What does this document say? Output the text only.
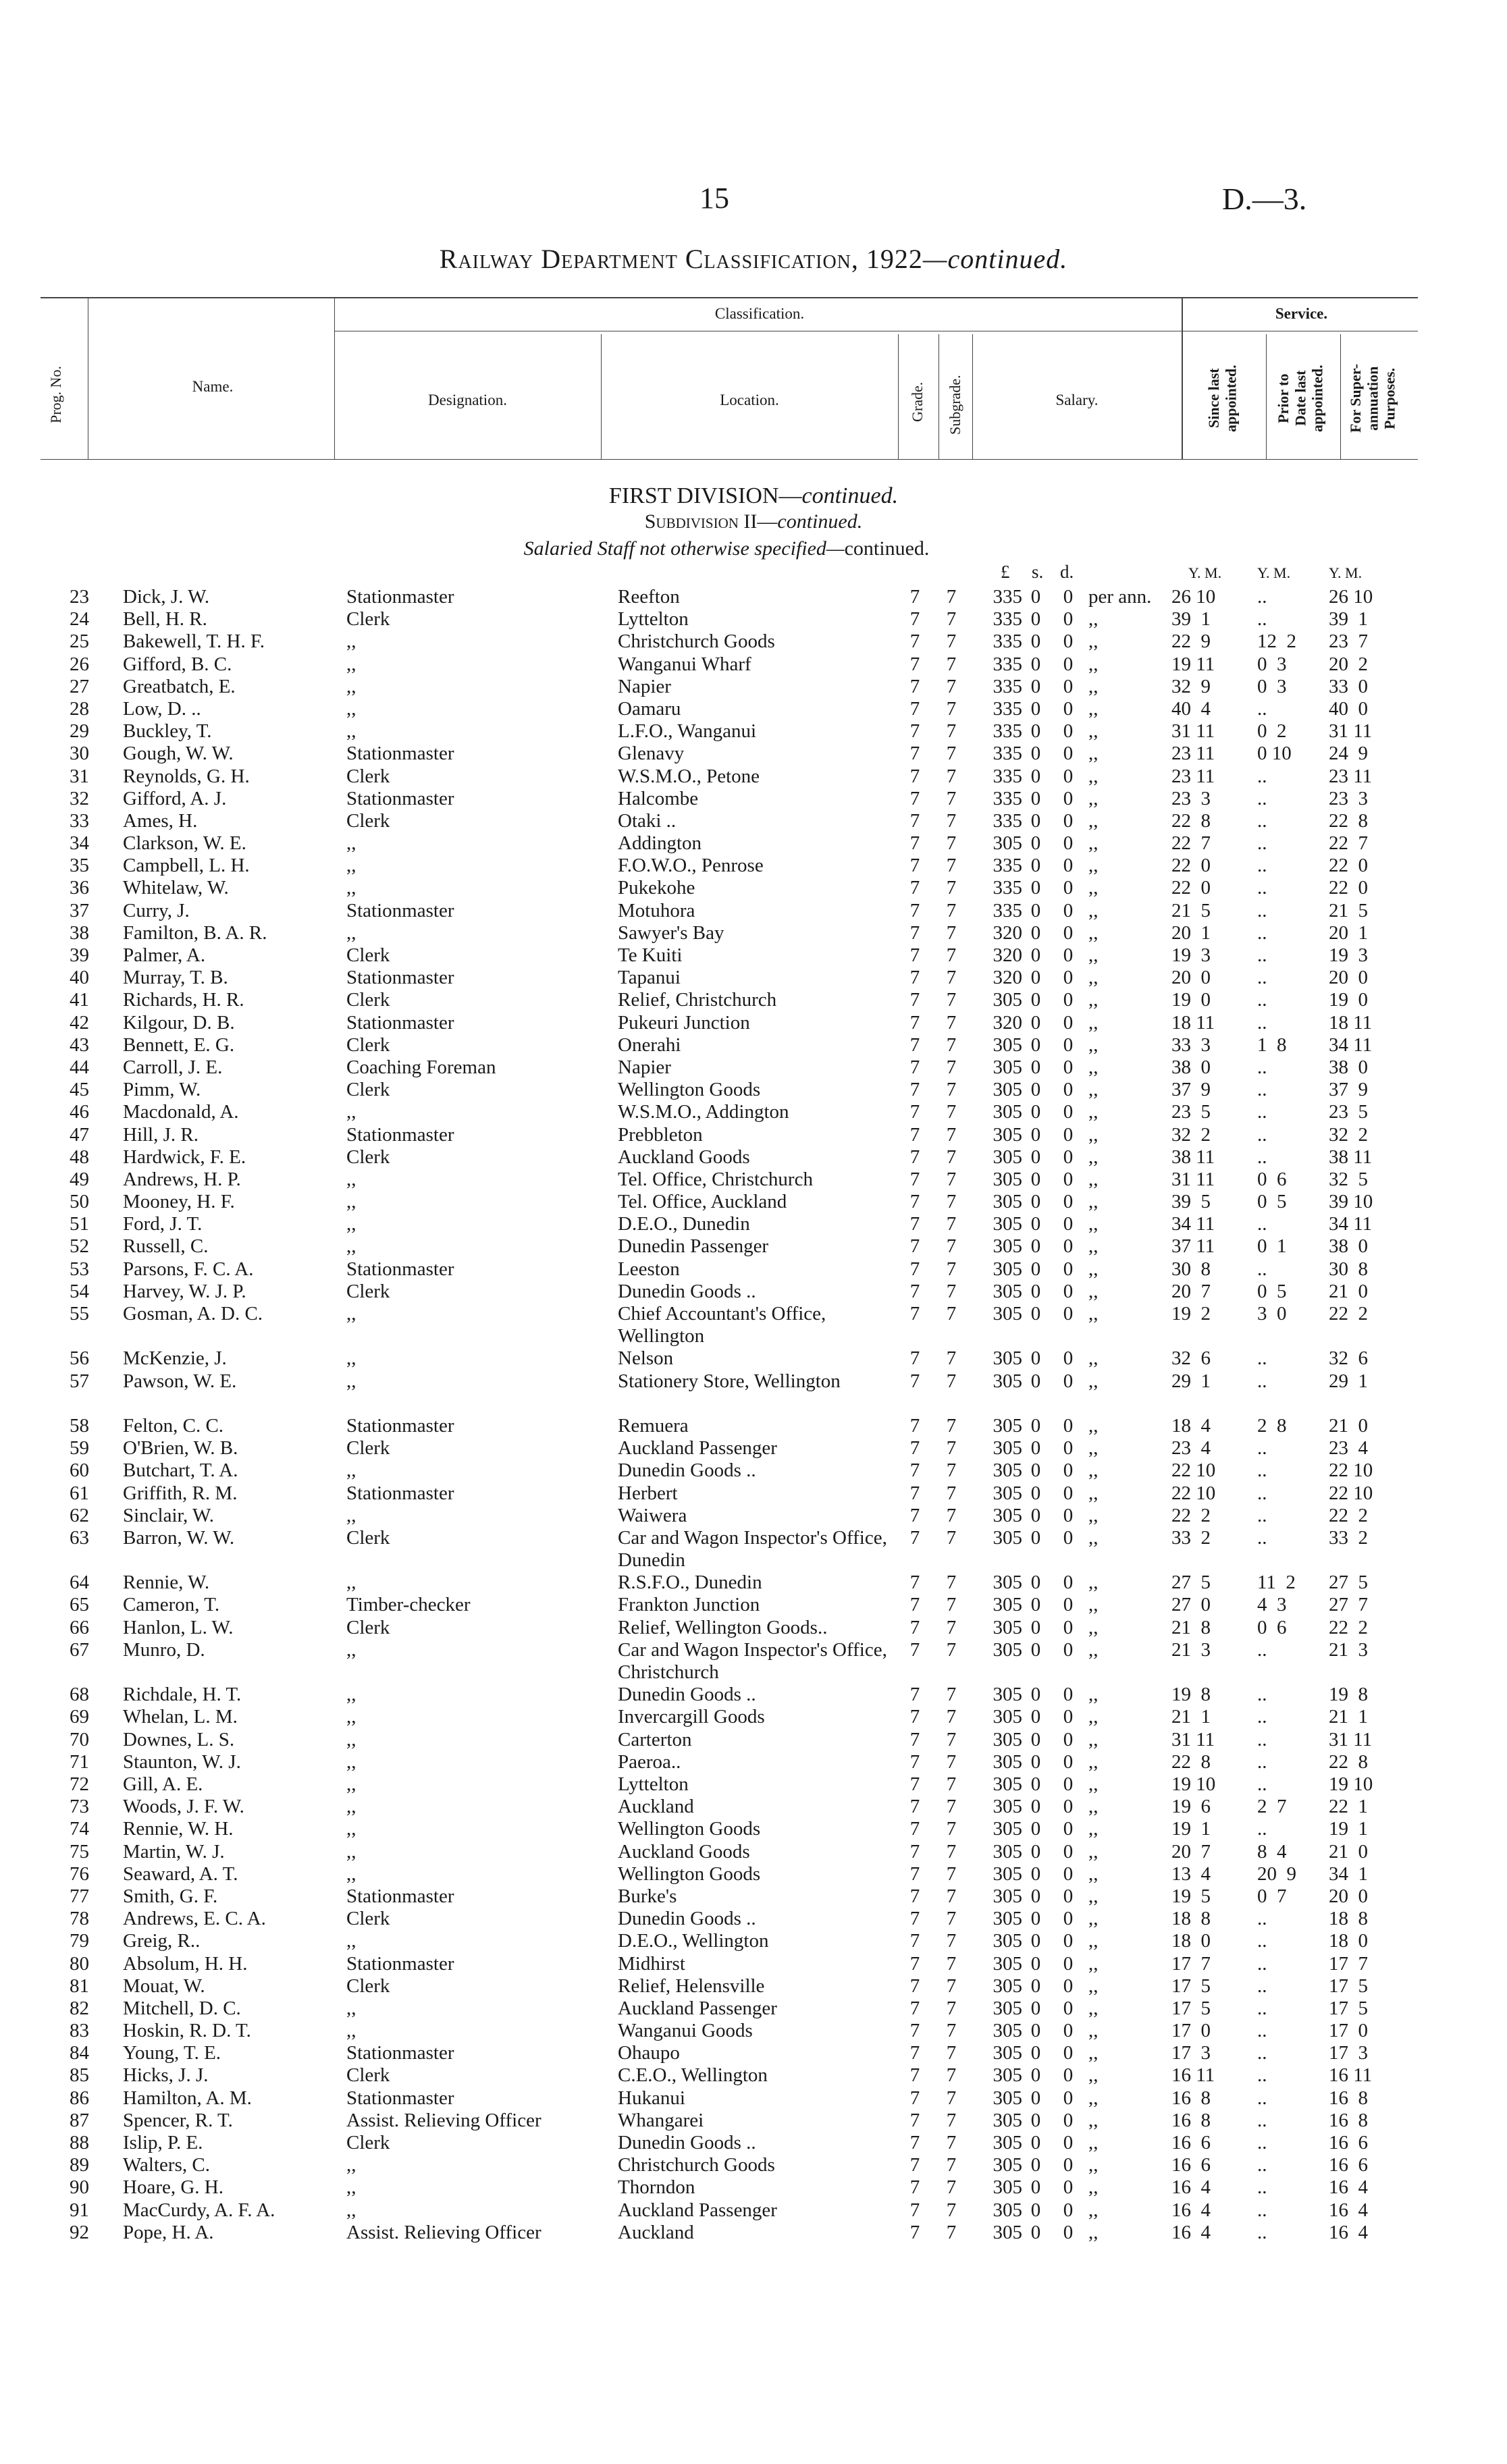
15	D.—3.
Railway Department Classification, 1922—continued.
Prog. No.	Name.
Classification.
Designation.	Location.	Grade. Subgrade.	Salary.
Service.
Since last
appointed. Prior to
Date last
appointed. For Super-
annuation
Purposes.
FIRST DIVISION—continued.
Subdivision II—continued.
Salaried Staff not otherwise specified—continued.
£ s. d.	Y. M. Y. M.	Y. M.
23 Dick, J. W.	Stationmaster	Reefton	7 7	335 0	0 per ann. 26 10	..	26 10
24 Bell, H. R.	Clerk	Lyttelton	7 7	335 0	0 ,,	39  1	..	39  1
25 Bakewell, T. H. F.	,,	Christchurch Goods	7 7	335 0	0 ,,	22  9	12  2	23  7
26 Gifford, B. C.	,,	Wanganui Wharf	7 7	335 0	0 ,,	19 11	0  3	20  2
27 Greatbatch, E.	,,	Napier	7 7	335 0	0 ,,	32  9	0  3	33  0
28 Low, D. ..	,,	Oamaru	7 7	335 0	0 ,,	40  4	..	40  0
29 Buckley, T.	,,	L.F.O., Wanganui	7 7	335 0	0 ,,	31 11	0  2	31 11
30 Gough, W. W.	Stationmaster	Glenavy	7 7	335 0	0 ,,	23 11	0 10	24  9
31 Reynolds, G. H.	Clerk	W.S.M.O., Petone	7 7	335 0	0 ,,	23 11	..	23 11
32 Gifford, A. J.	Stationmaster	Halcombe	7 7	335 0	0 ,,	23  3	..	23  3
33 Ames, H.	Clerk	Otaki ..	7 7	335 0	0 ,,	22  8	..	22  8
34 Clarkson, W. E.	,,	Addington	7 7	305 0	0 ,,	22  7	..	22  7
35 Campbell, L. H.	,,	F.O.W.O., Penrose	7 7	335 0	0 ,,	22  0	..	22  0
36 Whitelaw, W.	,,	Pukekohe	7 7	335 0	0 ,,	22  0	..	22  0
37 Curry, J.	Stationmaster	Motuhora	7 7	335 0	0 ,,	21  5	..	21  5
38 Familton, B. A. R.	,,	Sawyer's Bay	7 7	320 0	0 ,,	20  1	..	20  1
39 Palmer, A.	Clerk	Te Kuiti	7 7	320 0	0 ,,	19  3	..	19  3
40 Murray, T. B.	Stationmaster	Tapanui	7 7	320 0	0 ,,	20  0	..	20  0
41 Richards, H. R.	Clerk	Relief, Christchurch	7 7	305 0	0 ,,	19  0	..	19  0
42 Kilgour, D. B.	Stationmaster	Pukeuri Junction	7 7	320 0	0 ,,	18 11	..	18 11
43 Bennett, E. G.	Clerk	Onerahi	7 7	305 0	0 ,,	33  3	1  8	34 11
44 Carroll, J. E.	Coaching Foreman	Napier	7 7	305 0	0 ,,	38  0	..	38  0
45 Pimm, W.	Clerk	Wellington Goods	7 7	305 0	0 ,,	37  9	..	37  9
46 Macdonald, A.	,,	W.S.M.O., Addington	7 7	305 0	0 ,,	23  5	..	23  5
47 Hill, J. R.	Stationmaster	Prebbleton	7 7	305 0	0 ,,	32  2	..	32  2
48 Hardwick, F. E.	Clerk	Auckland Goods	7 7	305 0	0 ,,	38 11	..	38 11
49 Andrews, H. P.	,,	Tel. Office, Christchurch	7 7	305 0	0 ,,	31 11	0  6	32  5
50 Mooney, H. F.	,,	Tel. Office, Auckland	7 7	305 0	0 ,,	39  5	0  5	39 10
51 Ford, J. T.	,,	D.E.O., Dunedin	7 7	305 0	0 ,,	34 11	..	34 11
52 Russell, C.	,,	Dunedin Passenger	7 7	305 0	0 ,,	37 11	0  1	38  0
53 Parsons, F. C. A.	Stationmaster	Leeston	7 7	305 0	0 ,,	30  8	..	30  8
54 Harvey, W. J. P.	Clerk	Dunedin Goods ..	7 7	305 0	0 ,,	20  7	0  5	21  0
55 Gosman, A. D. C.	,,	Chief Accountant's Office, Wellington
7 7	305 0	0 ,,	19  2	3  0	22  2
56 McKenzie, J.	,,	Nelson	7 7	305 0	0 ,,	32  6	..	32  6
57 Pawson, W. E.	,,	Stationery Store, Wellington	7 7	305 0	0 ,,	29  1	..	29  1
58 Felton, C. C.	Stationmaster	Remuera	7 7	305 0	0 ,,	18  4	2  8	21  0
59 O'Brien, W. B.	Clerk	Auckland Passenger	7 7	305 0	0 ,,	23  4	..	23  4
60 Butchart, T. A.	,,	Dunedin Goods ..	7 7	305 0	0 ,,	22 10	..	22 10
61 Griffith, R. M.	Stationmaster	Herbert	7 7	305 0	0 ,,	22 10	..	22 10
62 Sinclair, W.	,,	Waiwera	7 7	305 0	0 ,,	22  2	..	22  2
63 Barron, W. W.	Clerk	Car and Wagon Inspector's Office, Dunedin
7 7	305 0	0 ,,	33  2	..	33  2
64 Rennie, W.	,,	R.S.F.O., Dunedin	7 7	305 0	0 ,,	27  5	11  2	27  5
65 Cameron, T.	Timber-checker	Frankton Junction	7 7	305 0	0 ,,	27  0	4  3	27  7
66 Hanlon, L. W.	Clerk	Relief, Wellington Goods..	7 7	305 0	0 ,,	21  8	0  6	22  2
67 Munro, D.	,,	Car and Wagon Inspector's Office, Christchurch
7 7	305 0	0 ,,	21  3	..	21  3
68 Richdale, H. T.	,,	Dunedin Goods ..	7 7	305 0	0 ,,	19  8	..	19  8
69 Whelan, L. M.	,,	Invercargill Goods	7 7	305 0	0 ,,	21  1	..	21  1
70 Downes, L. S.	,,	Carterton	7 7	305 0	0 ,,	31 11	..	31 11
71 Staunton, W. J.	,,	Paeroa..	7 7	305 0	0 ,,	22  8	..	22  8
72 Gill, A. E.	,,	Lyttelton	7 7	305 0	0 ,,	19 10	..	19 10
73 Woods, J. F. W.	,,	Auckland	7 7	305 0	0 ,,	19  6	2  7	22  1
74 Rennie, W. H.	,,	Wellington Goods	7 7	305 0	0 ,,	19  1	..	19  1
75 Martin, W. J.	,,	Auckland Goods	7 7	305 0	0 ,,	20  7	8  4	21  0
76 Seaward, A. T.	,,	Wellington Goods	7 7	305 0	0 ,,	13  4	20  9	34  1
77 Smith, G. F.	Stationmaster	Burke's	7 7	305 0	0 ,,	19  5	0  7	20  0
78 Andrews, E. C. A.	Clerk	Dunedin Goods ..	7 7	305 0	0 ,,	18  8	..	18  8
79 Greig, R..	,,	D.E.O., Wellington	7 7	305 0	0 ,,	18  0	..	18  0
80 Absolum, H. H.	Stationmaster	Midhirst	7 7	305 0	0 ,,	17  7	..	17  7
81 Mouat, W.	Clerk	Relief, Helensville	7 7	305 0	0 ,,	17  5	..	17  5
82 Mitchell, D. C.	,,	Auckland Passenger	7 7	305 0	0 ,,	17  5	..	17  5
83 Hoskin, R. D. T.	,,	Wanganui Goods	7 7	305 0	0 ,,	17  0	..	17  0
84 Young, T. E.	Stationmaster	Ohaupo	7 7	305 0	0 ,,	17  3	..	17  3
85 Hicks, J. J.	Clerk	C.E.O., Wellington	7 7	305 0	0 ,,	16 11	..	16 11
86 Hamilton, A. M.	Stationmaster	Hukanui	7 7	305 0	0 ,,	16  8	..	16  8
87 Spencer, R. T.	Assist. Relieving Officer	Whangarei	7 7	305 0	0 ,,	16  8	..	16  8
88 Islip, P. E.	Clerk	Dunedin Goods ..	7 7	305 0	0 ,,	16  6	..	16  6
89 Walters, C.	,,	Christchurch Goods	7 7	305 0	0 ,,	16  6	..	16  6
90 Hoare, G. H.	,,	Thorndon	7 7	305 0	0 ,,	16  4	..	16  4
91 MacCurdy, A. F. A.	,,	Auckland Passenger	7 7	305 0	0 ,,	16  4	..	16  4
92 Pope, H. A.	Assist. Relieving Officer	Auckland	7 7	305 0	0 ,,	16  4	..	16  4
